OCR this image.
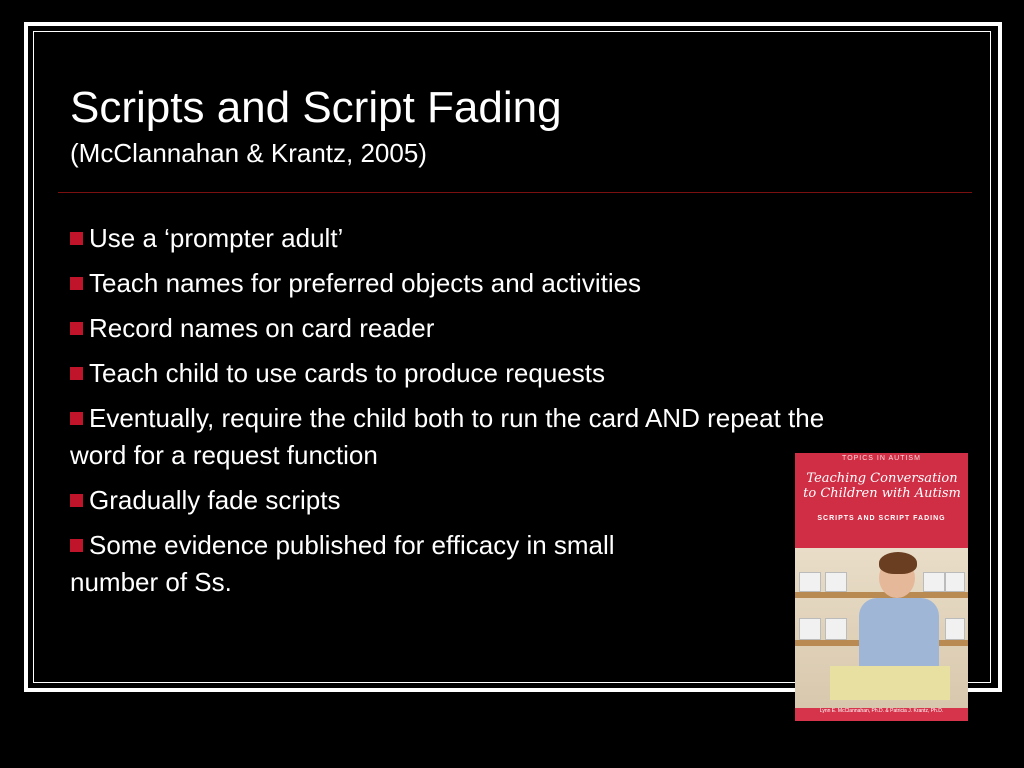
Scripts and Script Fading
(McClannahan & Krantz, 2005)
Use a ‘prompter adult’
Teach names for preferred objects and activities
Record names on card reader
Teach child to use cards to produce requests
Eventually, require the child both to run the card AND repeat the word for a request function
Gradually fade scripts
Some evidence published for efficacy in small number of Ss.
TOPICS IN AUTISM
Teaching Conversation to Children with Autism
SCRIPTS AND SCRIPT FADING
Lynn E. McClannahan, Ph.D. & Patricia J. Krantz, Ph.D.
